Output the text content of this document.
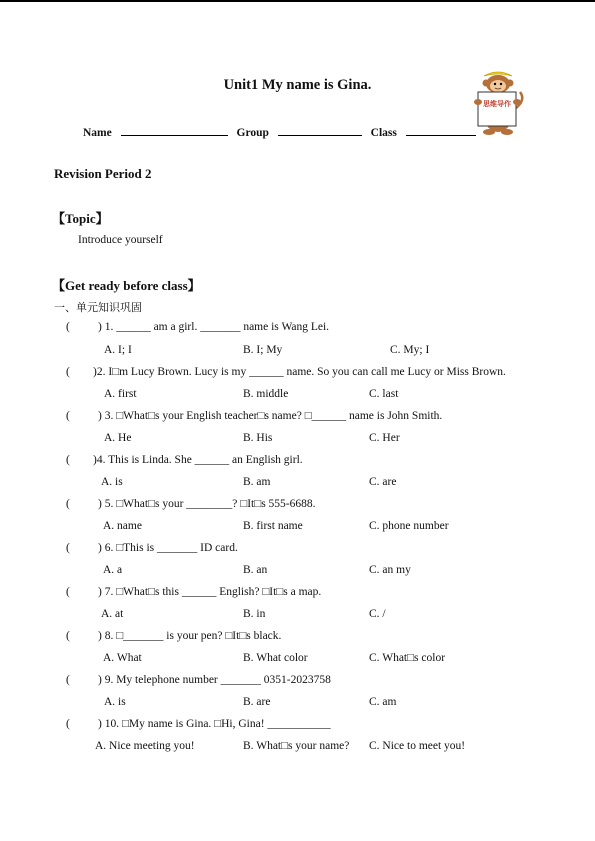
Unit1 My name is Gina.
思维导作
Name	Group	Class
Revision Period 2
【Topic】
Introduce yourself
【Get ready before class】
一、单元知识巩固
( ) 1. ______ am a girl. _______ name is Wang Lei.
A. I; I	B. I; My	C. My; I
( )2. I□m Lucy Brown. Lucy is my ______ name. So you can call me Lucy or Miss Brown.
A. first	B. middle	C. last
( ) 3. □What□s your English teacher□s name? □______ name is John Smith.
A. He	B. His	C. Her
( )4. This is Linda. She ______ an English girl.
A. is	B. am	C. are
( ) 5. □What□s your ________? □It□s 555-6688.
A. name	B. first name	C. phone number
( ) 6. □This is _______ ID card.
A. a	B. an	C. an my
( ) 7. □What□s this ______ English? □It□s a map.
A. at	B. in	C. /
( ) 8. □_______ is your pen? □It□s black.
A. What	B. What color	C. What□s color
( ) 9. My telephone number _______ 0351-2023758
A. is	B. are	C. am
( ) 10. □My name is Gina. □Hi, Gina! ___________
A. Nice meeting you!	B. What□s your name? C. Nice to meet you!
